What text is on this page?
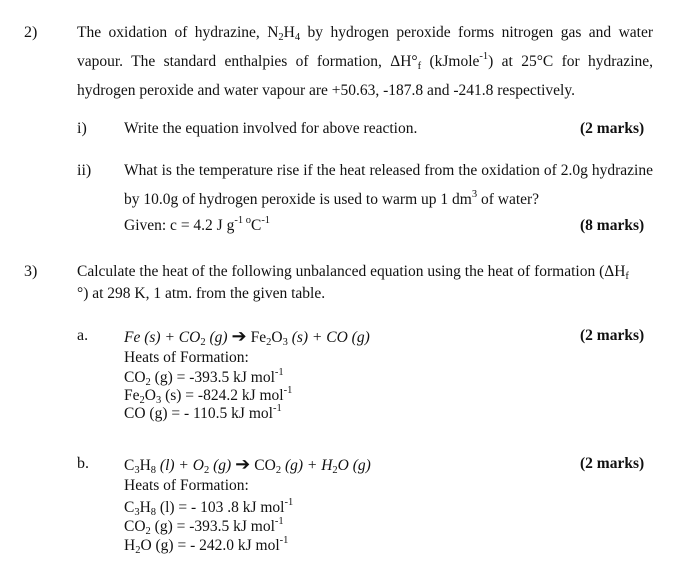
2)	The oxidation of hydrazine, $N_2H_4$ by hydrogen peroxide forms nitrogen gas and water vapour. The standard enthalpies of formation, $\Delta H^\circ_f$ (kJmole$^{-1}$) at 25°C for hydrazine, hydrogen peroxide and water vapour are +50.63, -187.8 and -241.8 respectively.
i) Write the equation involved for above reaction.	(2 marks)
ii) What is the temperature rise if the heat released from the oxidation of 2.0g hydrazine by 10.0g of hydrogen peroxide is used to warm up 1 $dm^3$ of water?
Given: c = 4.2 J $g^{-1 o}C^{-1}$	(8 marks)
3)	Calculate the heat of the following unbalanced equation using the heat of formation ($\Delta H_f$
°) at 298 K, 1 atm. from the given table.
a. Fe $(s) + CO_2$ (g) ➔ $Fe_2O_3$ (s) + CO (g)	(2 marks)
Heats of Formation:
$CO_2$ (g) = -393.5 kJ mol$^{-1}$
$Fe_2O_3$ (s) = -824.2 kJ mol$^{-1}$
CO (g) = - 110.5 kJ mol$^{-1}$
b. $C_3H_8$ $(l) + O_2$ (g) ➔ $CO_2$ $(g) + H_2O$ (g)	(2 marks)
Heats of Formation:
$C_3H_8$ (l) = - 103 .8 kJ mol$^{-1}$
$CO_2$ (g) = -393.5 kJ mol$^{-1}$
$H_2O$ (g) = - 242.0 kJ mol$^{-1}$
